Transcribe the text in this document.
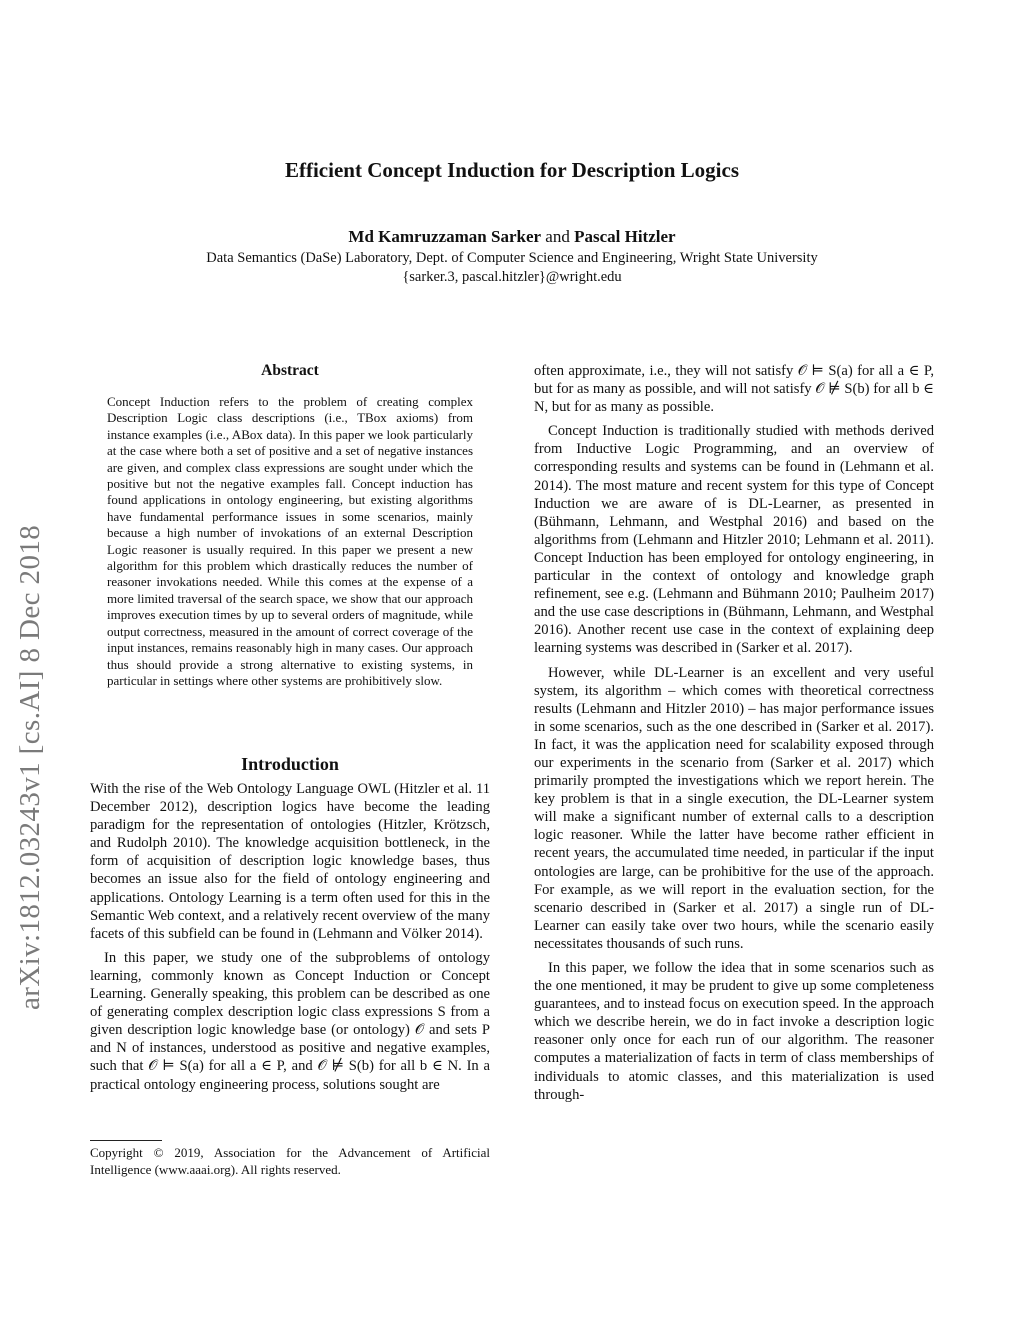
Efficient Concept Induction for Description Logics
Md Kamruzzaman Sarker and Pascal Hitzler
Data Semantics (DaSe) Laboratory, Dept. of Computer Science and Engineering, Wright State University
{sarker.3, pascal.hitzler}@wright.edu
arXiv:1812.03243v1 [cs.AI] 8 Dec 2018
Abstract
Concept Induction refers to the problem of creating complex Description Logic class descriptions (i.e., TBox axioms) from instance examples (i.e., ABox data). In this paper we look particularly at the case where both a set of positive and a set of negative instances are given, and complex class expressions are sought under which the positive but not the negative examples fall. Concept induction has found applications in ontology engineering, but existing algorithms have fundamental performance issues in some scenarios, mainly because a high number of invokations of an external Description Logic reasoner is usually required. In this paper we present a new algorithm for this problem which drastically reduces the number of reasoner invokations needed. While this comes at the expense of a more limited traversal of the search space, we show that our approach improves execution times by up to several orders of magnitude, while output correctness, measured in the amount of correct coverage of the input instances, remains reasonably high in many cases. Our approach thus should provide a strong alternative to existing systems, in particular in settings where other systems are prohibitively slow.
Introduction

With the rise of the Web Ontology Language OWL (Hitzler et al. 11 December 2012), description logics have become the leading paradigm for the representation of ontologies (Hitzler, Krötzsch, and Rudolph 2010). The knowledge acquisition bottleneck, in the form of acquisition of description logic knowledge bases, thus becomes an issue also for the field of ontology engineering and applications. Ontology Learning is a term often used for this in the Semantic Web context, and a relatively recent overview of the many facets of this subfield can be found in (Lehmann and Völker 2014).

In this paper, we study one of the subproblems of ontology learning, commonly known as Concept Induction or Concept Learning. Generally speaking, this problem can be described as one of generating complex description logic class expressions S from a given description logic knowledge base (or ontology) 𝒪 and sets P and N of instances, understood as positive and negative examples, such that 𝒪 ⊨ S(a) for all a ∈ P, and 𝒪 ⊭ S(b) for all b ∈ N. In a practical ontology engineering process, solutions sought are

Copyright © 2019, Association for the Advancement of Artificial Intelligence (www.aaai.org). All rights reserved.

often approximate, i.e., they will not satisfy 𝒪 ⊨ S(a) for all a ∈ P, but for as many as possible, and will not satisfy 𝒪 ⊭ S(b) for all b ∈ N, but for as many as possible.

Concept Induction is traditionally studied with methods derived from Inductive Logic Programming, and an overview of corresponding results and systems can be found in (Lehmann et al. 2014). The most mature and recent system for this type of Concept Induction we are aware of is DL-Learner, as presented in (Bühmann, Lehmann, and Westphal 2016) and based on the algorithms from (Lehmann and Hitzler 2010; Lehmann et al. 2011). Concept Induction has been employed for ontology engineering, in particular in the context of ontology and knowledge graph refinement, see e.g. (Lehmann and Bühmann 2010; Paulheim 2017) and the use case descriptions in (Bühmann, Lehmann, and Westphal 2016). Another recent use case in the context of explaining deep learning systems was described in (Sarker et al. 2017).

However, while DL-Learner is an excellent and very useful system, its algorithm – which comes with theoretical correctness results (Lehmann and Hitzler 2010) – has major performance issues in some scenarios, such as the one described in (Sarker et al. 2017). In fact, it was the application need for scalability exposed through our experiments in the scenario from (Sarker et al. 2017) which primarily prompted the investigations which we report herein. The key problem is that in a single execution, the DL-Learner system will make a significant number of external calls to a description logic reasoner. While the latter have become rather efficient in recent years, the accumulated time needed, in particular if the input ontologies are large, can be prohibitive for the use of the approach. For example, as we will report in the evaluation section, for the scenario described in (Sarker et al. 2017) a single run of DL-Learner can easily take over two hours, while the scenario easily necessitates thousands of such runs.

In this paper, we follow the idea that in some scenarios such as the one mentioned, it may be prudent to give up some completeness guarantees, and to instead focus on execution speed. In the approach which we describe herein, we do in fact invoke a description logic reasoner only once for each run of our algorithm. The reasoner computes a materialization of facts in term of class memberships of individuals to atomic classes, and this materialization is used through-
